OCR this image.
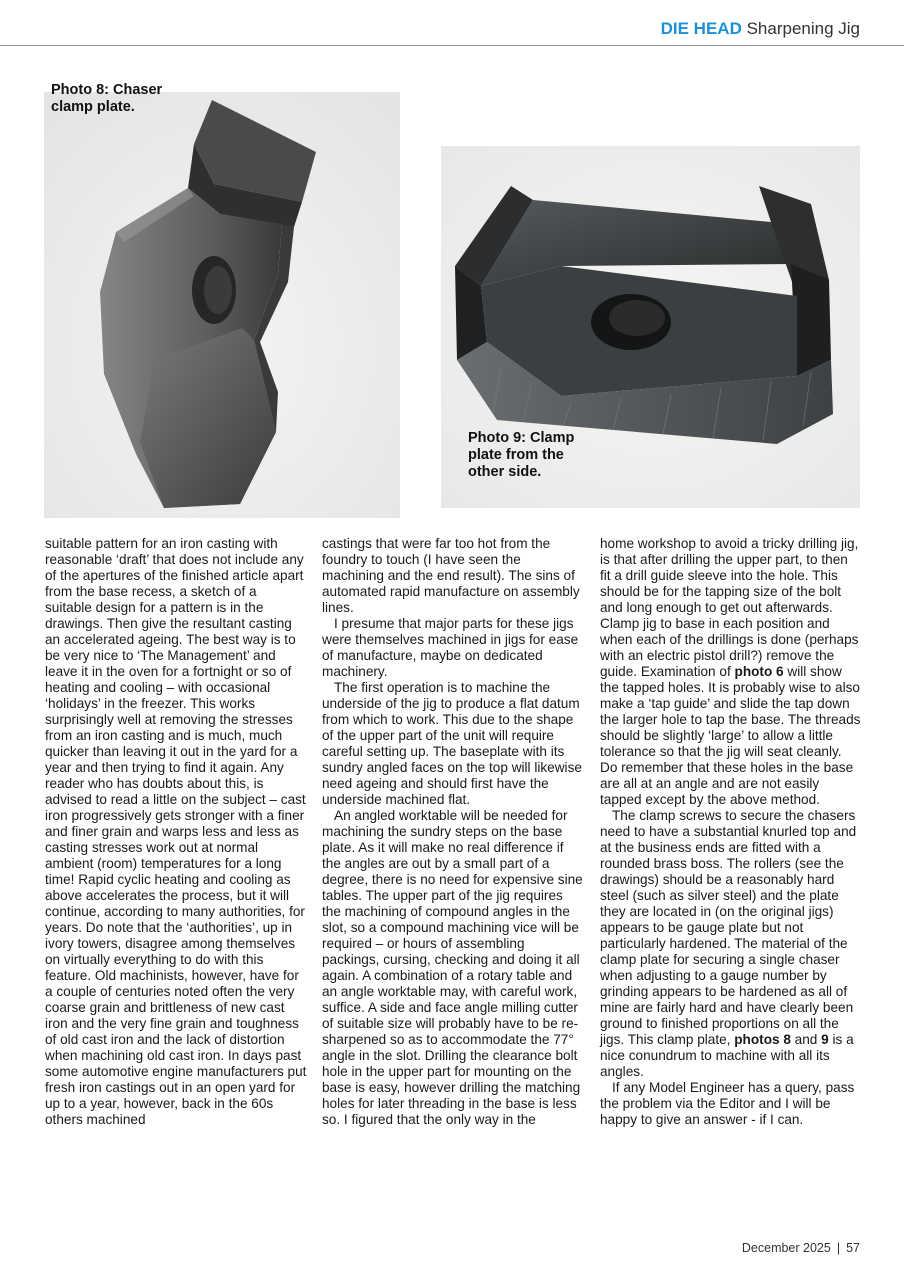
DIE HEAD Sharpening Jig
Photo 8: Chaser clamp plate.
Photo 9: Clamp plate from the other side.

suitable pattern for an iron casting with reasonable ‘draft’ that does not include any of the apertures of the finished article apart from the base recess, a sketch of a suitable design for a pattern is in the drawings. Then give the resultant casting an accelerated ageing. The best way is to be very nice to ‘The Management’ and leave it in the oven for a fortnight or so of heating and cooling – with occasional ‘holidays’ in the freezer. This works surprisingly well at removing the stresses from an iron casting and is much, much quicker than leaving it out in the yard for a year and then trying to find it again. Any reader who has doubts about this, is advised to read a little on the subject – cast iron progressively gets stronger with a finer and finer grain and warps less and less as casting stresses work out at normal ambient (room) temperatures for a long time! Rapid cyclic heating and cooling as above accelerates the process, but it will continue, according to many authorities, for years. Do note that the ‘authorities’, up in ivory towers, disagree among themselves on virtually everything to do with this feature. Old machinists, however, have for a couple of centuries noted often the very coarse grain and brittleness of new cast iron and the very fine grain and toughness of old cast iron and the lack of distortion when machining old cast iron. In days past some automotive engine manufacturers put fresh iron castings out in an open yard for up to a year, however, back in the 60s others machined

castings that were far too hot from the foundry to touch (I have seen the machining and the end result). The sins of automated rapid manufacture on assembly lines.

I presume that major parts for these jigs were themselves machined in jigs for ease of manufacture, maybe on dedicated machinery.

The first operation is to machine the underside of the jig to produce a flat datum from which to work. This due to the shape of the upper part of the unit will require careful setting up. The baseplate with its sundry angled faces on the top will likewise need ageing and should first have the underside machined flat.

An angled worktable will be needed for machining the sundry steps on the base plate. As it will make no real difference if the angles are out by a small part of a degree, there is no need for expensive sine tables. The upper part of the jig requires the machining of compound angles in the slot, so a compound machining vice will be required – or hours of assembling packings, cursing, checking and doing it all again. A combination of a rotary table and an angle worktable may, with careful work, suffice. A side and face angle milling cutter of suitable size will probably have to be re-sharpened so as to accommodate the 77° angle in the slot. Drilling the clearance bolt hole in the upper part for mounting on the base is easy, however drilling the matching holes for later threading in the base is less so. I figured that the only way in the

home workshop to avoid a tricky drilling jig, is that after drilling the upper part, to then fit a drill guide sleeve into the hole. This should be for the tapping size of the bolt and long enough to get out afterwards. Clamp jig to base in each position and when each of the drillings is done (perhaps with an electric pistol drill?) remove the guide. Examination of photo 6 will show the tapped holes. It is probably wise to also make a ‘tap guide’ and slide the tap down the larger hole to tap the base. The threads should be slightly ‘large’ to allow a little tolerance so that the jig will seat cleanly. Do remember that these holes in the base are all at an angle and are not easily tapped except by the above method.

The clamp screws to secure the chasers need to have a substantial knurled top and at the business ends are fitted with a rounded brass boss. The rollers (see the drawings) should be a reasonably hard steel (such as silver steel) and the plate they are located in (on the original jigs) appears to be gauge plate but not particularly hardened. The material of the clamp plate for securing a single chaser when adjusting to a gauge number by grinding appears to be hardened as all of mine are fairly hard and have clearly been ground to finished proportions on all the jigs. This clamp plate, photos 8 and 9 is a nice conundrum to machine with all its angles.

If any Model Engineer has a query, pass the problem via the Editor and I will be happy to give an answer - if I can.

December 2025 | 57
